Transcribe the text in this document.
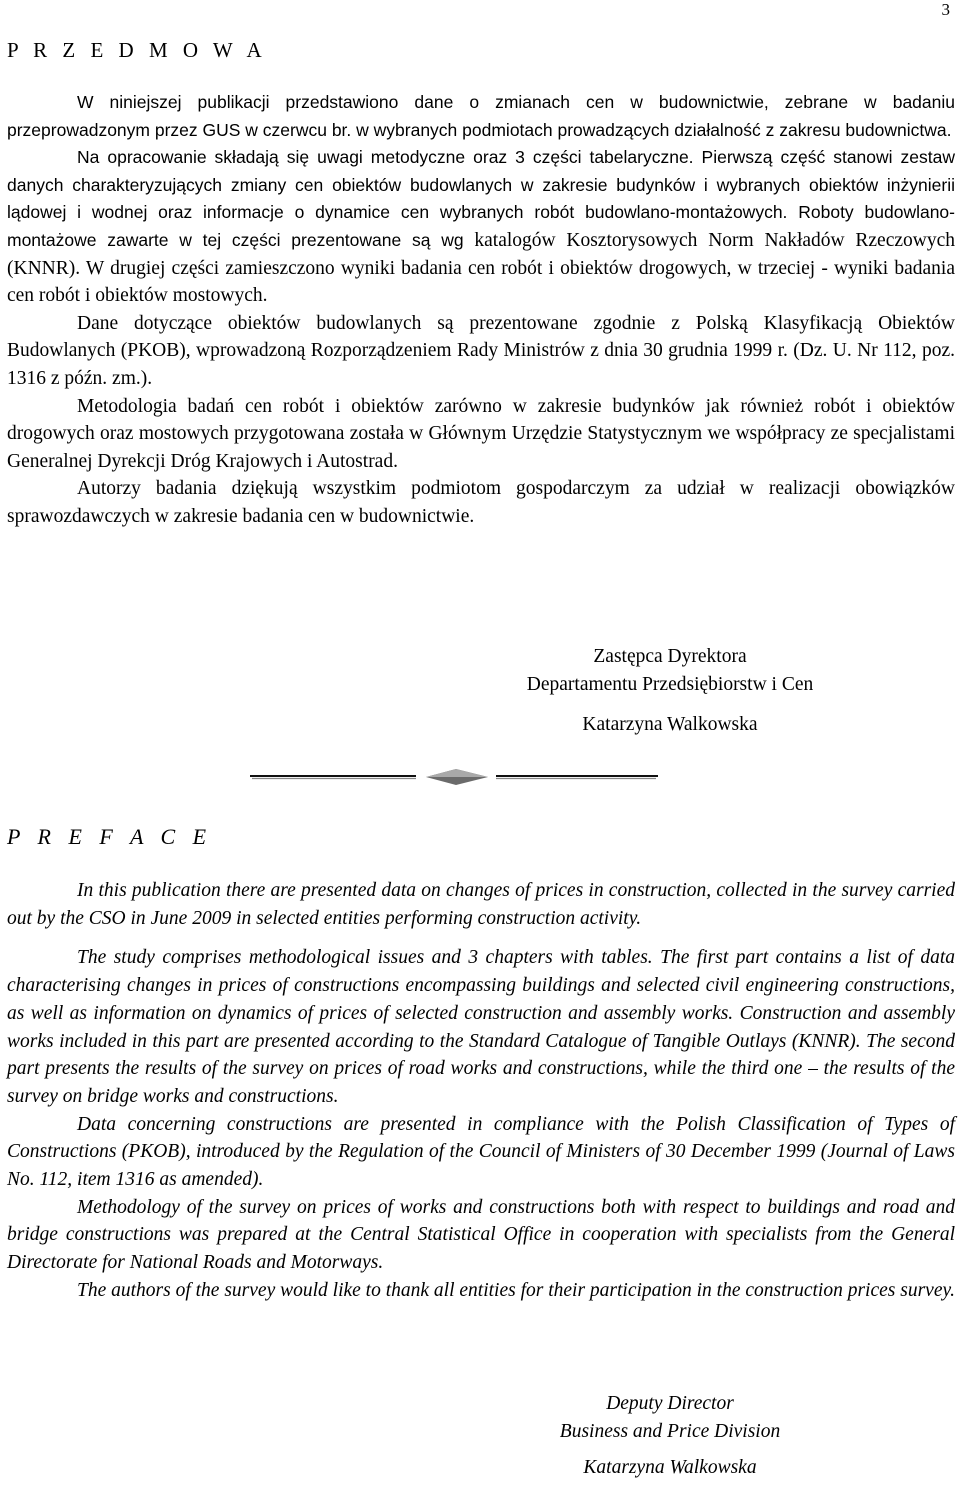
3
P R Z E D M O W A

W niniejszej publikacji przedstawiono dane o zmianach cen w budownictwie, zebrane w badaniu przeprowadzonym przez GUS w czerwcu br. w wybranych podmiotach prowadzących działalność z zakresu budownictwa.

Na opracowanie składają się uwagi metodyczne oraz 3 części tabelaryczne. Pierwszą część stanowi zestaw danych charakteryzujących zmiany cen obiektów budowlanych w zakresie budynków i wybranych obiektów inżynierii lądowej i wodnej oraz informacje o dynamice cen wybranych robót budowlano-montażowych. Roboty budowlano-montażowe zawarte w tej części prezentowane są wg katalogów Kosztorysowych Norm Nakładów Rzeczowych (KNNR). W drugiej części zamieszczono wyniki badania cen robót i obiektów drogowych, w trzeciej - wyniki badania cen robót i obiektów mostowych.

Dane dotyczące obiektów budowlanych są prezentowane zgodnie z Polską Klasyfikacją Obiektów Budowlanych (PKOB), wprowadzoną Rozporządzeniem Rady Ministrów z dnia 30 grudnia 1999 r. (Dz. U. Nr 112, poz. 1316 z późn. zm.).

Metodologia badań cen robót i obiektów zarówno w zakresie budynków jak również robót i obiektów drogowych oraz mostowych przygotowana została w Głównym Urzędzie Statystycznym we współpracy ze specjalistami Generalnej Dyrekcji Dróg Krajowych i Autostrad.

Autorzy badania dziękują wszystkim podmiotom gospodarczym za udział w realizacji obowiązków sprawozdawczych w zakresie badania cen w budownictwie.

Zastępca Dyrektora
Departamentu Przedsiębiorstw i Cen
Katarzyna Walkowska
P R E F A C E

In this publication there are presented data on changes of prices in construction, collected in the survey carried out by the CSO in June 2009 in selected entities performing construction activity.

The study comprises methodological issues and 3 chapters with tables. The first part contains a list of data characterising changes in prices of constructions encompassing buildings and selected civil engineering constructions, as well as information on dynamics of prices of selected construction and assembly works. Construction and assembly works included in this part are presented according to the Standard Catalogue of Tangible Outlays (KNNR). The second part presents the results of the survey on prices of road works and constructions, while the third one – the results of the survey on bridge works and constructions.

Data concerning constructions are presented in compliance with the Polish Classification of Types of Constructions (PKOB), introduced by the Regulation of the Council of Ministers of 30 December 1999 (Journal of Laws No. 112, item 1316 as amended).

Methodology of the survey on prices of works and constructions both with respect to buildings and road and bridge constructions was prepared at the Central Statistical Office in cooperation with specialists from the General Directorate for National Roads and Motorways.

The authors of the survey would like to thank all entities for their participation in the construction prices survey.

Deputy Director
Business and Price Division
Katarzyna Walkowska
